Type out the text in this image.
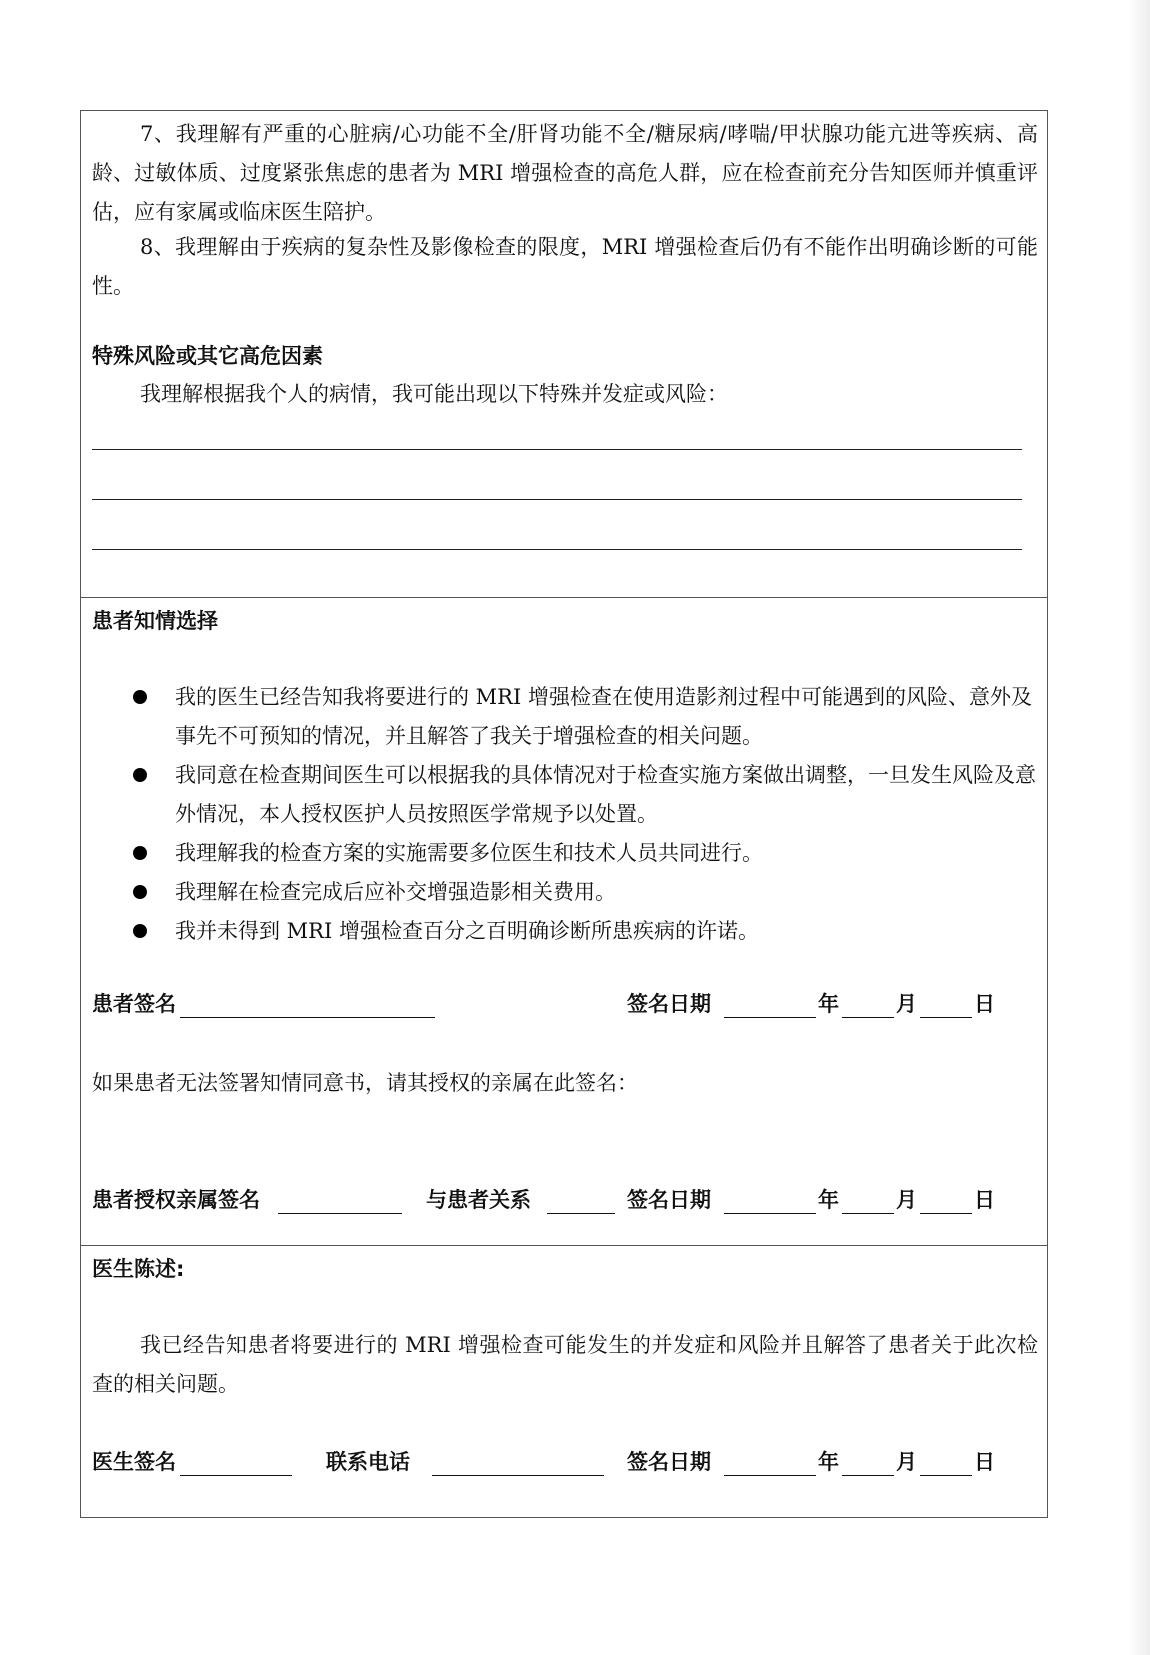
7、我理解有严重的心脏病/心功能不全/肝肾功能不全/糖尿病/哮喘/甲状腺功能亢进等疾病、高龄、过敏体质、过度紧张焦虑的患者为 MRI 增强检查的高危人群，应在检查前充分告知医师并慎重评估，应有家属或临床医生陪护。

8、我理解由于疾病的复杂性及影像检查的限度，MRI 增强检查后仍有不能作出明确诊断的可能性。

特殊风险或其它高危因素

我理解根据我个人的病情，我可能出现以下特殊并发症或风险：

患者知情选择

我的医生已经告知我将要进行的 MRI 增强检查在使用造影剂过程中可能遇到的风险、意外及事先不可预知的情况，并且解答了我关于增强检查的相关问题。
我同意在检查期间医生可以根据我的具体情况对于检查实施方案做出调整，一旦发生风险及意外情况，本人授权医护人员按照医学常规予以处置。
我理解我的检查方案的实施需要多位医生和技术人员共同进行。
我理解在检查完成后应补交增强造影相关费用。
我并未得到 MRI 增强检查百分之百明确诊断所患疾病的许诺。
患者签名	签名日期	年	月	日

如果患者无法签署知情同意书，请其授权的亲属在此签名：

患者授权亲属签名	与患者关系	签名日期	年	月	日

医生陈述:

我已经告知患者将要进行的 MRI 增强检查可能发生的并发症和风险并且解答了患者关于此次检查的相关问题。

医生签名	联系电话	签名日期	年	月	日
